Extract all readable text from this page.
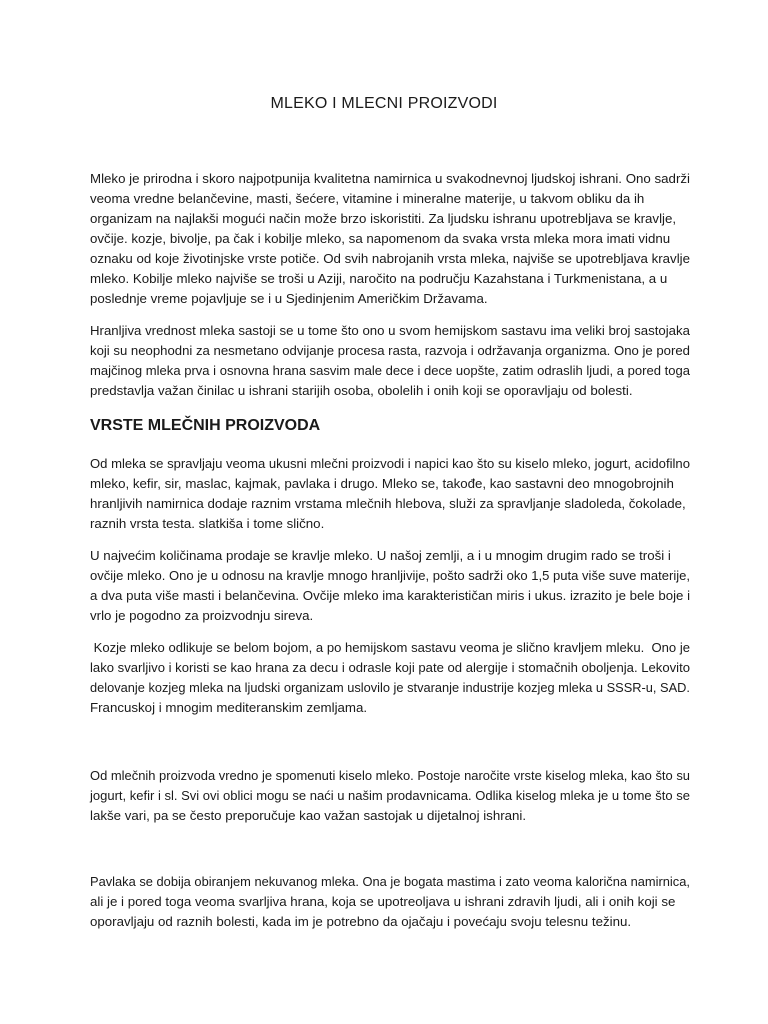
MLEKO I MLECNI PROIZVODI

Mleko je prirodna i skoro najpotpunija kvalitetna namirnica u svakodnevnoj ljudskoj ishrani. Ono sadrži
veoma vredne belančevine, masti, šećere, vitamine i mineralne materije, u takvom obliku da ih
organizam na najlakši mogući način može brzo iskoristiti. Za ljudsku ishranu upotrebljava se kravlje,
ovčije. kozje, bivolje, pa čak i kobilje mleko, sa napomenom da svaka vrsta mleka mora imati vidnu
oznaku od koje životinjske vrste potiče. Od svih nabrojanih vrsta mleka, najviše se upotrebljava kravlje
mleko. Kobilje mleko najviše se troši u Aziji, naročito na području Kazahstana i Turkmenistana, a u
poslednje vreme pojavljuje se i u Sjedinjenim Američkim Državama.

Hranljiva vrednost mleka sastoji se u tome što ono u svom hemijskom sastavu ima veliki broj sastojaka
koji su neophodni za nesmetano odvijanje procesa rasta, razvoja i održavanja organizma. Ono je pored
majčinog mleka prva i osnovna hrana sasvim male dece i dece uopšte, zatim odraslih ljudi, a pored toga
predstavlja važan činilac u ishrani starijih osoba, obolelih i onih koji se oporavljaju od bolesti.

VRSTE MLEČNIH PROIZVODA

Od mleka se spravljaju veoma ukusni mlečni proizvodi i napici kao što su kiselo mleko, jogurt, acidofilno
mleko, kefir, sir, maslac, kajmak, pavlaka i drugo. Mleko se, takođe, kao sastavni deo mnogobrojnih
hranljivih namirnica dodaje raznim vrstama mlečnih hlebova, služi za spravljanje sladoleda, čokolade,
raznih vrsta testa. slatkiša i tome slično.

U najvećim količinama prodaje se kravlje mleko. U našoj zemlji, a i u mnogim drugim rado se troši i
ovčije mleko. Ono je u odnosu na kravlje mnogo hranljivije, pošto sadrži oko 1,5 puta više suve materije,
a dva puta više masti i belančevina. Ovčije mleko ima karakterističan miris i ukus. izrazito je bele boje i
vrlo je pogodno za proizvodnju sireva.

Kozje mleko odlikuje se belom bojom, a po hemijskom sastavu veoma je slično kravljem mleku.  Ono je
lako svarljivo i koristi se kao hrana za decu i odrasle koji pate od alergije i stomačnih oboljenja. Lekovito
delovanje kozjeg mleka na ljudski organizam uslovilo je stvaranje industrije kozjeg mleka u SSSR-u, SAD.
Francuskoj i mnogim mediteranskim zemljama.

Od mlečnih proizvoda vredno je spomenuti kiselo mleko. Postoje naročite vrste kiselog mleka, kao što su
jogurt, kefir i sl. Svi ovi oblici mogu se naći u našim prodavnicama. Odlika kiselog mleka je u tome što se
lakše vari, pa se često preporučuje kao važan sastojak u dijetalnoj ishrani.

Pavlaka se dobija obiranjem nekuvanog mleka. Ona je bogata mastima i zato veoma kalorična namirnica,
ali je i pored toga veoma svarljiva hrana, koja se upotreoljava u ishrani zdravih ljudi, ali i onih koji se
oporavljaju od raznih bolesti, kada im je potrebno da ojačaju i povećaju svoju telesnu težinu.
